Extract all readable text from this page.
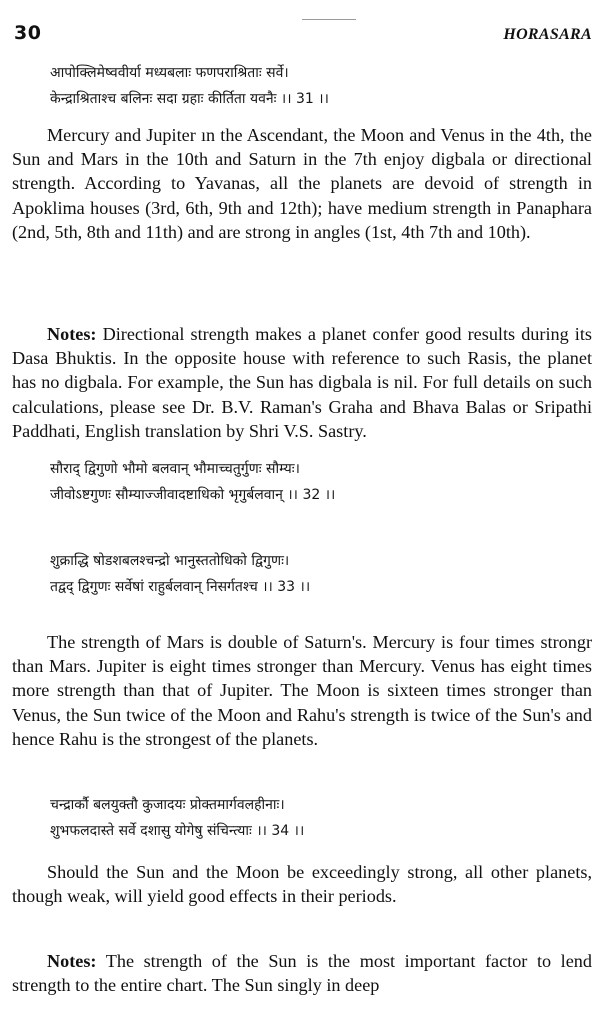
30	HORASARA
आपोक्लिमेष्ववीर्या मध्यबलाः फणपराश्रिताः सर्वे।
केन्द्राश्रिताश्च बलिनः सदा ग्रहाः कीर्तिता यवनैः ।। 31 ।।
Mercury and Jupiter ın the Ascendant, the Moon and Venus in the 4th, the Sun and Mars in the 10th and Saturn in the 7th enjoy digbala or directional strength. According to Yavanas, all the planets are devoid of strength in Apoklima houses (3rd, 6th, 9th and 12th); have medium strength in Panaphara (2nd, 5th, 8th and 11th) and are strong in angles (1st, 4th 7th and 10th).
Notes: Directional strength makes a planet confer good results during its Dasa Bhuktis. In the opposite house with reference to such Rasis, the planet has no digbala. For example, the Sun has digbala is nil. For full details on such calculations, please see Dr. B.V. Raman's Graha and Bhava Balas or Sripathi Paddhati, English translation by Shri V.S. Sastry.
सौराद् द्विगुणो भौमो बलवान् भौमाच्चतुर्गुणः सौम्यः।
जीवोऽष्टगुणः सौम्याज्जीवादष्टाधिको भृगुर्बलवान् ।। 32 ।।
शुक्राद्धि षोडशबलश्चन्द्रो भानुस्ततोधिको द्विगुणः।
तद्वद् द्विगुणः सर्वेषां राहुर्बलवान् निसर्गतश्च ।। 33 ।।
The strength of Mars is double of Saturn's. Mercury is four times strongr than Mars. Jupiter is eight times stronger than Mercury. Venus has eight times more strength than that of Jupiter. The Moon is sixteen times stronger than Venus, the Sun twice of the Moon and Rahu's strength is twice of the Sun's and hence Rahu is the strongest of the planets.
चन्द्रार्कौ बलयुक्तौ कुजादयः प्रोक्तमार्गवलहीनाः।
शुभफलदास्ते सर्वे दशासु योगेषु संचिन्त्याः ।। 34 ।।
Should the Sun and the Moon be exceedingly strong, all other planets, though weak, will yield good effects in their periods.
Notes: The strength of the Sun is the most important factor to lend strength to the entire chart. The Sun singly in deep
